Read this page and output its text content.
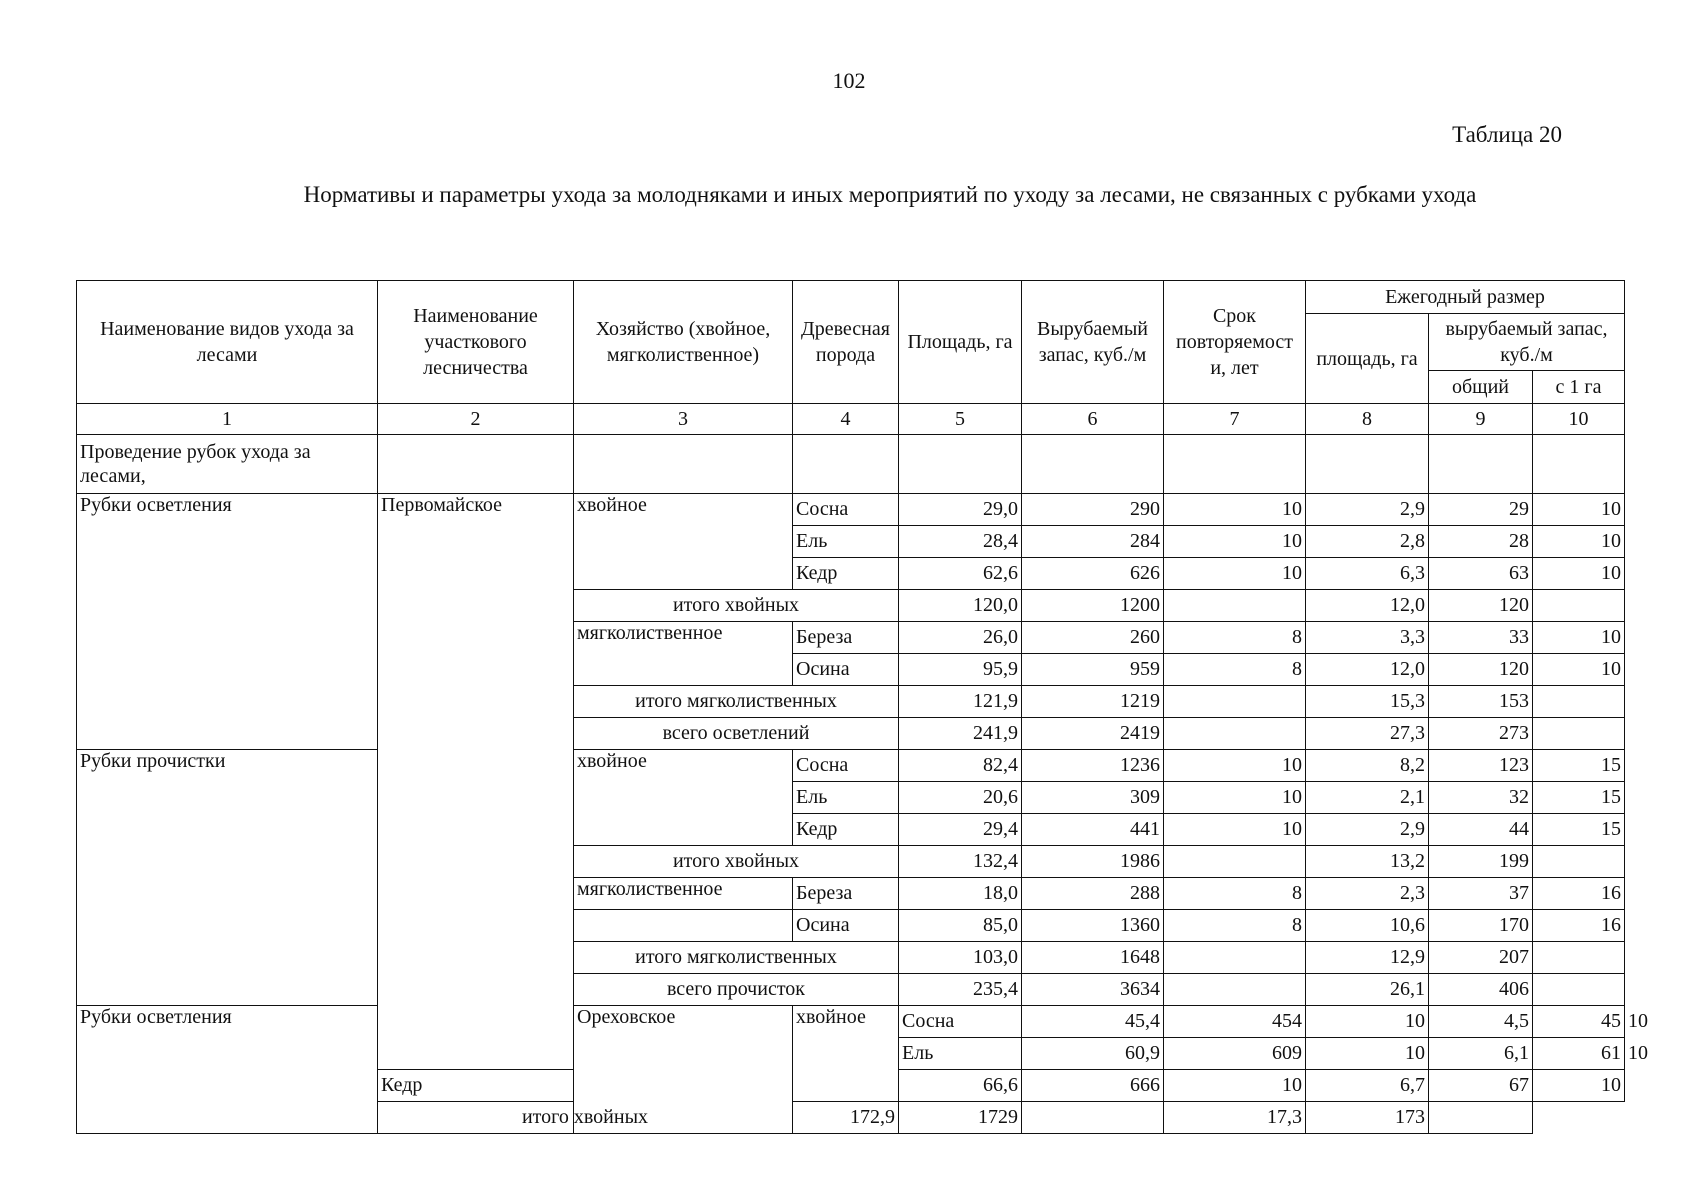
102
Таблица 20
Нормативы и параметры ухода за молодняками и иных мероприятий по уходу за лесами, не связанных с рубками ухода
Наименование видов ухода за лесами	Наименование участкового лесничества	Хозяйство (хвойное, мягколиственное)	Древесная порода	Площадь, га	Вырубаемый запас, куб./м	Срок повторяемост и, лет	Ежегодный размер			
							площадь, га	вырубаемый запас, куб./м		
								общий	с 1 га	
1	2	3	4	5	6	7	8	9	10	
Проведение рубок ухода за лесами,										
Рубки осветления	Первомайское	хвойное	Сосна	29,0	290	10	2,9	29	10	
			Ель	28,4	284	10	2,8	28	10	
			Кедр	62,6	626	10	6,3	63	10	
		итого хвойных		120,0	1200		12,0	120		
		мягколиственное	Береза	26,0	260	8	3,3	33	10	
			Осина	95,9	959	8	12,0	120	10	
		итого мягколиственных		121,9	1219		15,3	153		
		всего осветлений		241,9	2419		27,3	273		
Рубки прочистки		хвойное	Сосна	82,4	1236	10	8,2	123	15	
			Ель	20,6	309	10	2,1	32	15	
			Кедр	29,4	441	10	2,9	44	15	
		итого хвойных		132,4	1986		13,2	199		
		мягколиственное	Береза	18,0	288	8	2,3	37	16	
			Осина	85,0	1360	8	10,6	170	16	
		итого мягколиственных		103,0	1648		12,9	207		
		всего прочисток		235,4	3634		26,1	406		
Рубки осветления		Ореховское	хвойное	Сосна	45,4	454	10	4,5	45	10
				Ель	60,9	609	10	6,1	61	10
	Кедр			66,6	666	10	6,7	67	10	
	итого хвойных		172,9	1729		17,3	173			
